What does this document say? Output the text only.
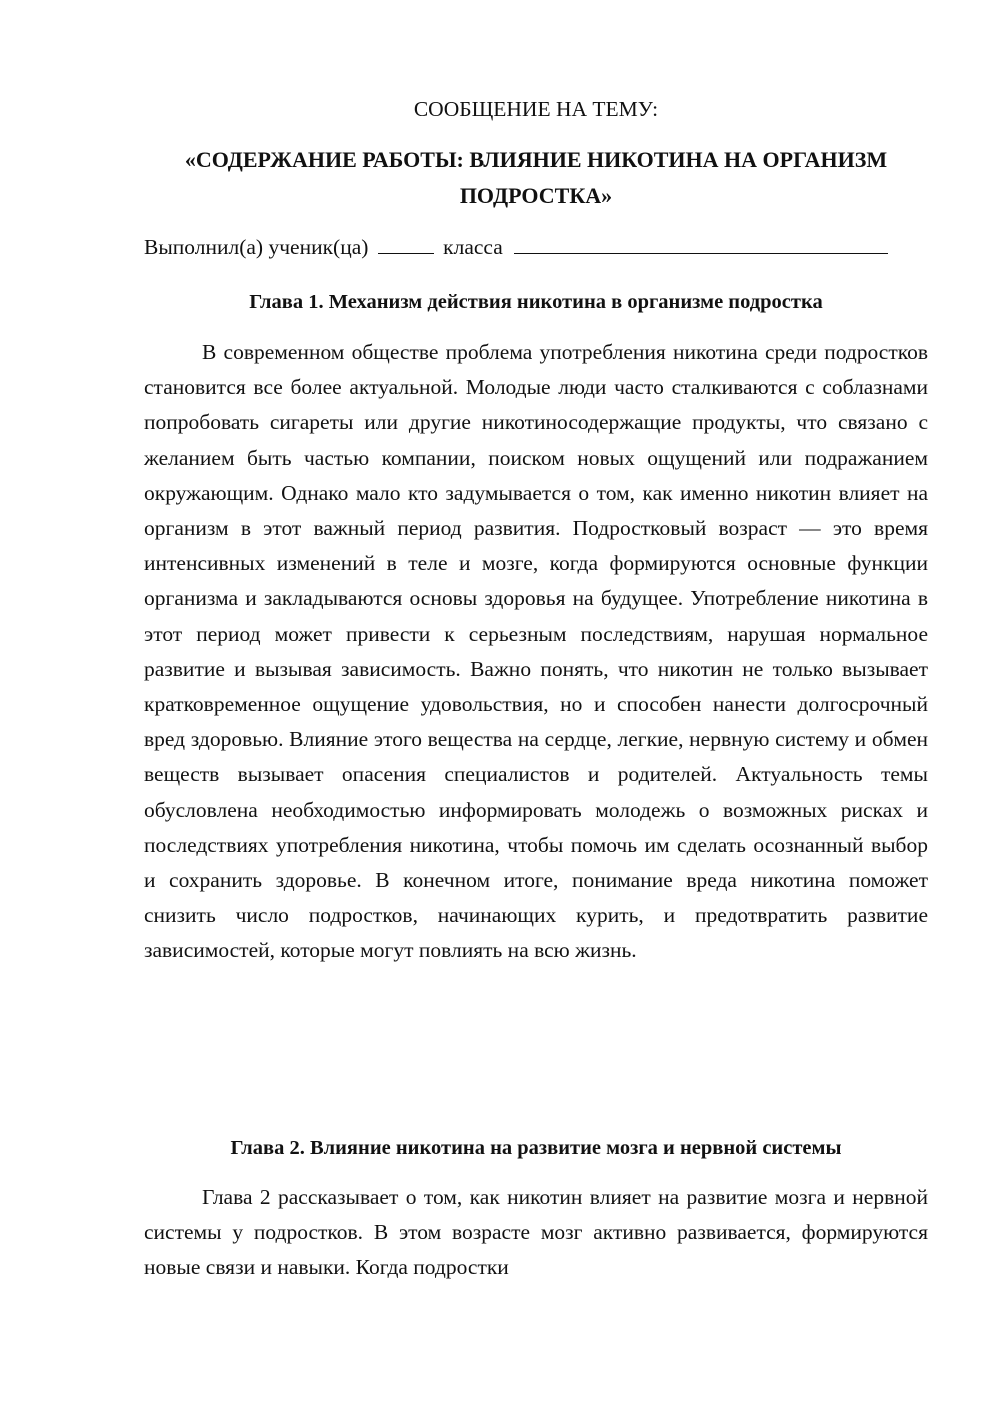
СООБЩЕНИЕ НА ТЕМУ:

«СОДЕРЖАНИЕ РАБОТЫ: ВЛИЯНИЕ НИКОТИНА НА ОРГАНИЗМ ПОДРОСТКА»

Выполнил(а) ученик(ца)	класса

Глава 1. Механизм действия никотина в организме подростка

В современном обществе проблема употребления никотина среди подростков становится все более актуальной. Молодые люди часто сталкиваются с соблазнами попробовать сигареты или другие никотиносодержащие продукты, что связано с желанием быть частью компании, поиском новых ощущений или подражанием окружающим. Однако мало кто задумывается о том, как именно никотин влияет на организм в этот важный период развития. Подростковый возраст — это время интенсивных изменений в теле и мозге, когда формируются основные функции организма и закладываются основы здоровья на будущее. Употребление никотина в этот период может привести к серьезным последствиям, нарушая нормальное развитие и вызывая зависимость. Важно понять, что никотин не только вызывает кратковременное ощущение удовольствия, но и способен нанести долгосрочный вред здоровью. Влияние этого вещества на сердце, легкие, нервную систему и обмен веществ вызывает опасения специалистов и родителей. Актуальность темы обусловлена необходимостью информировать молодежь о возможных рисках и последствиях употребления никотина, чтобы помочь им сделать осознанный выбор и сохранить здоровье. В конечном итоге, понимание вреда никотина поможет снизить число подростков, начинающих курить, и предотвратить развитие зависимостей, которые могут повлиять на всю жизнь.

Глава 2. Влияние никотина на развитие мозга и нервной системы

Глава 2 рассказывает о том, как никотин влияет на развитие мозга и нервной системы у подростков. В этом возрасте мозг активно развивается, формируются новые связи и навыки. Когда подростки
